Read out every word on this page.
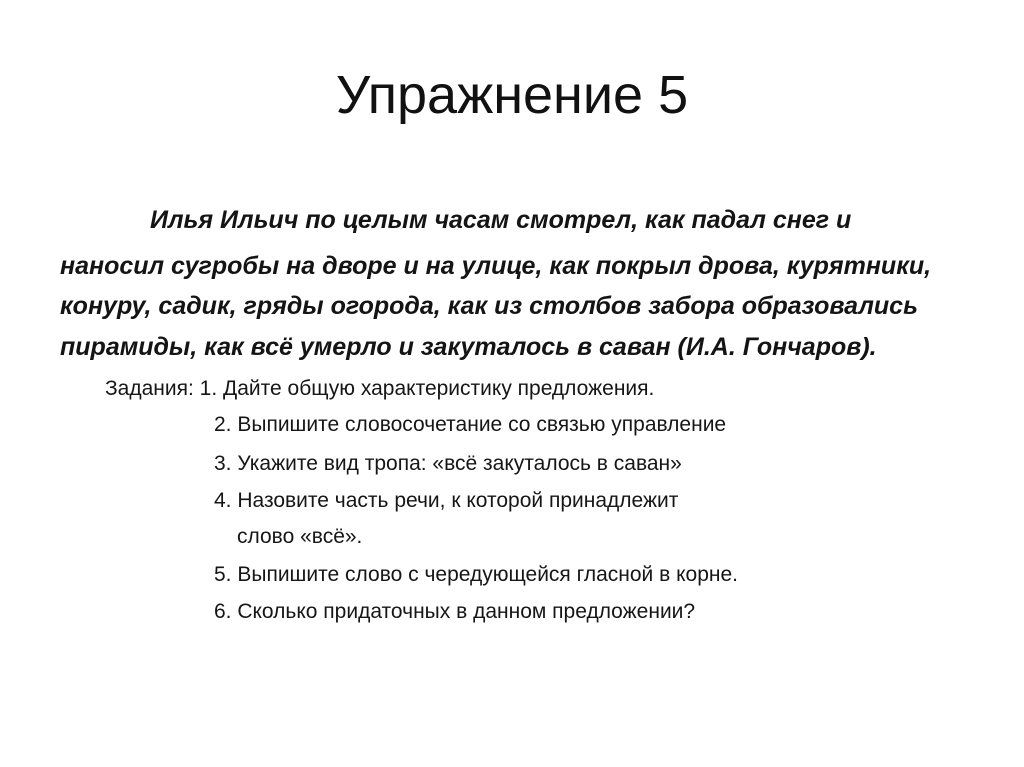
Упражнение 5

Илья Ильич по целым часам смотрел, как падал снег и

наносил сугробы на дворе и на улице, как покрыл дрова, курятники,

конуру, садик, гряды огорода, как из столбов забора образовались

пирамиды, как всё умерло и закуталось в саван (И.А. Гончаров).

Задания: 1. Дайте общую характеристику предложения.

2. Выпишите словосочетание со связью управление

3. Укажите вид тропа: «всё закуталось в саван»

4. Назовите часть речи, к которой принадлежит

слово «всё».

5. Выпишите слово с чередующейся гласной в корне.

6. Сколько придаточных в данном предложении?
